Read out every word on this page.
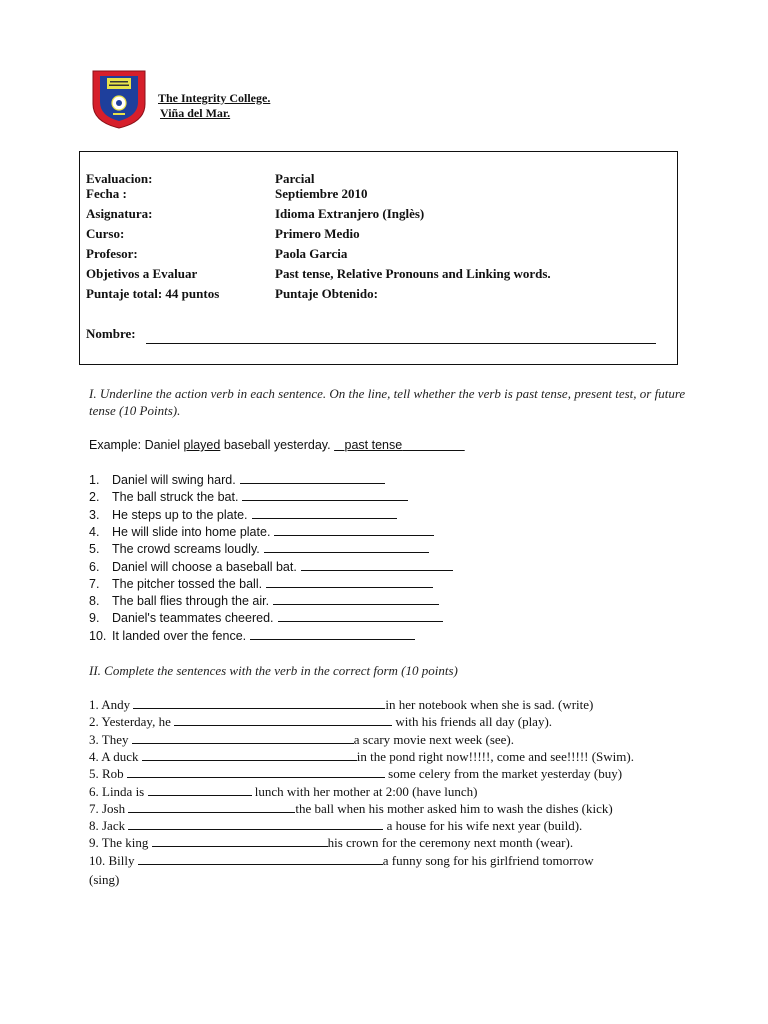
The Integrity College.
Viña del Mar.
Evaluacion:	Parcial
Fecha :	Septiembre 2010
Asignatura:	Idioma Extranjero (Inglès)
Curso:	Primero Medio
Profesor:	Paola Garcia
Objetivos a Evaluar	Past tense, Relative Pronouns and Linking words.
Puntaje total: 44 puntos	Puntaje Obtenido:
Nombre:
I. Underline the action verb in each sentence. On the line, tell whether the verb is past tense, present test, or future tense (10 Points).
Example: Daniel played baseball yesterday.    past tense
1. Daniel will swing hard.
2. The ball struck the bat.
3. He steps up to the plate.
4. He will slide into home plate.
5. The crowd screams loudly.
6. Daniel will choose a baseball bat.
7. The pitcher tossed the ball.
8. The ball flies through the air.
9. Daniel's teammates cheered.
10. It landed over the fence.
II. Complete the sentences with the verb in the correct form (10 points)
1. Andy	in her notebook when she is sad. (write)
2. Yesterday, he	with his friends all day (play).
3. They	a scary movie next week (see).
4. A duck	in the pond right now!!!!!, come and see!!!!! (Swim).
5. Rob	some celery from the market yesterday (buy)
6. Linda is	lunch with her mother at 2:00 (have lunch)
7. Josh	the ball when his mother asked him to wash the dishes (kick)
8. Jack	a house for his wife next year (build).
9. The king	his crown for the ceremony next month (wear).
10. Billy	a funny song for his girlfriend tomorrow
(sing)
